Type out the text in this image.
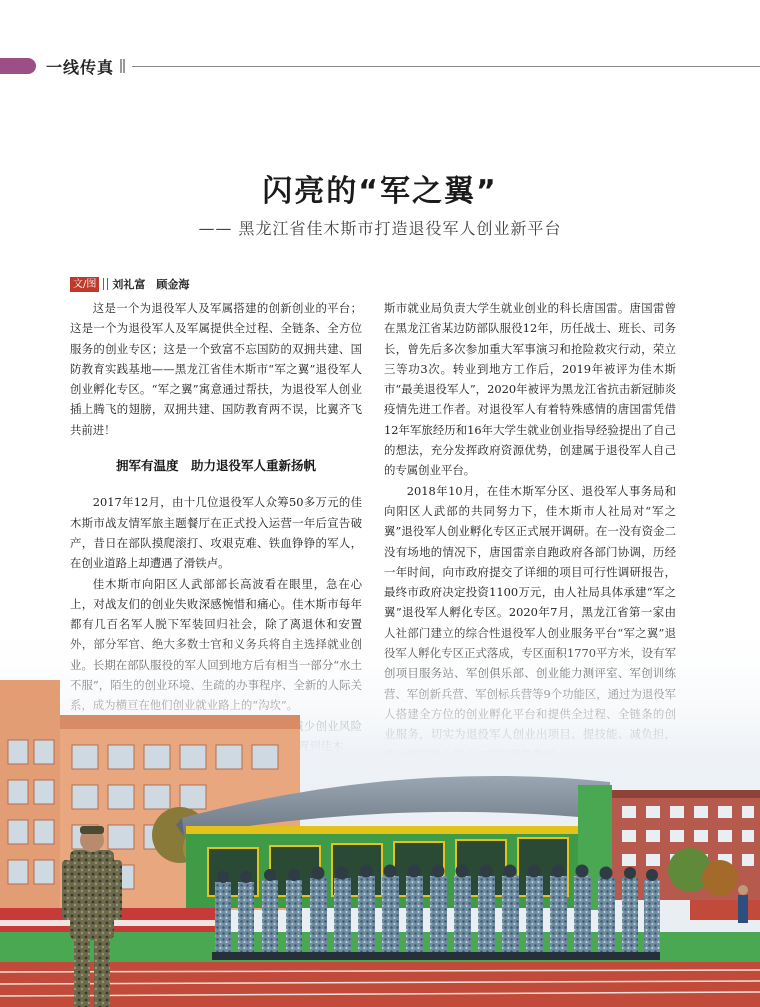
一线传真
闪亮的“军之翼”
—— 黑龙江省佳木斯市打造退役军人创业新平台
文/图 刘礼富　顾金海

这是一个为退役军人及军属搭建的创新创业的平台；这是一个为退役军人及军属提供全过程、全链条、全方位服务的创业专区；这是一个致富不忘国防的双拥共建、国防教育实践基地——黑龙江省佳木斯市“军之翼”退役军人创业孵化专区。“军之翼”寓意通过帮扶，为退役军人创业插上腾飞的翅膀，双拥共建、国防教育两不误，比翼齐飞共前进！

拥军有温度　助力退役军人重新扬帆

2017年12月，由十几位退役军人众筹50多万元的佳木斯市战友情军旅主题餐厅在正式投入运营一年后宣告破产，昔日在部队摸爬滚打、攻艰克难、铁血铮铮的军人，在创业道路上却遭遇了滑铁卢。

佳木斯市向阳区人武部部长高波看在眼里，急在心上，对战友们的创业失败深感惋惜和痛心。佳木斯市每年

斯市就业局负责大学生就业创业的科长唐国雷。唐国雷曾在黑龙江省某边防部队服役12年，历任战士、班长、司务长，曾先后多次参加重大军事演习和抢险救灾行动，荣立三等功3次。转业到地方工作后，2019年被评为佳木斯市“最美退役军人”，2020年被评为黑龙江省抗击新冠肺炎疫情先进工作者。对退役军人有着特殊感情的唐国雷凭借12年军旅经历和16年大学生就业创业指导经验提出了自己的想法，充分发挥政府资源优势，创建属于退役军人自己的专属创业平台。

2018年10月，在佳木斯军分区、退役军人事务局和向阳区人武部的共同努力下，佳木斯市人社局对“军之翼”退役军人创业孵化专区正式展开调研。在一没有资金二没有场地的情况下，唐国雷亲自跑政府各部门协调，历经一年时间，向市政府提交了详细的项目可行性调研报告，最终市政府决定投资1100万元，由人社局具体承建“军之翼”退役军人孵化专区。2020年7月，黑龙江省第一家由
